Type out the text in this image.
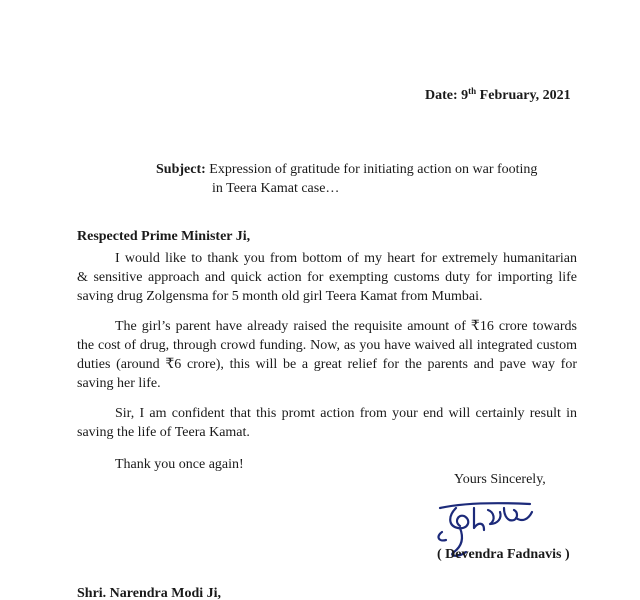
Date: 9th February, 2021
Subject: Expression of gratitude for initiating action on war footing
in Teera Kamat case…
Respected Prime Minister Ji,

I would like to thank you from bottom of my heart for extremely humanitarian
& sensitive approach and quick action for exempting customs duty for importing life
saving drug Zolgensma for 5 month old girl Teera Kamat from Mumbai.

The girl’s parent have already raised the requisite amount of ₹16 crore towards
the cost of drug, through crowd funding. Now, as you have waived all integrated custom
duties (around ₹6 crore), this will be a great relief for the parents and pave way for
saving her life.

Sir, I am confident that this promt action from your end will certainly result in
saving the life of Teera Kamat.

Thank you once again!
Yours Sincerely,
( Devendra Fadnavis )
Shri. Narendra Modi Ji,
